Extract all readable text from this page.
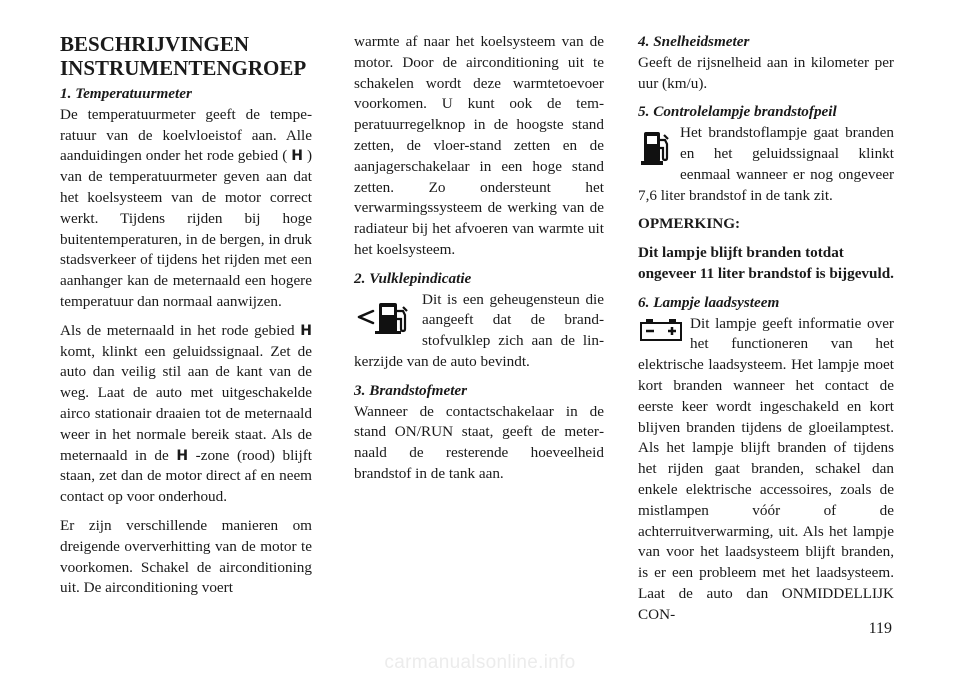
BESCHRIJVINGEN INSTRUMENTENGROEP
1. Temperatuurmeter

De temperatuurmeter geeft de temperatuur van de koelvloeistof aan. Alle aanduidingen onder het rode gebied ( H ) van de temperatuurmeter geven aan dat het koelsysteem van de motor correct werkt. Tijdens rijden bij hoge buitentemperaturen, in de bergen, in druk stadsverkeer of tijdens het rijden met een aanhanger kan de meternaald een hogere temperatuur dan normaal aanwijzen.

Als de meternaald in het rode gebied H komt, klinkt een geluidssignaal. Zet de auto dan veilig stil aan de kant van de weg. Laat de auto met uitgeschakelde airco stationair draaien tot de meternaald weer in het normale bereik staat. Als de meternaald in de H -zone (rood) blijft staan, zet dan de motor direct af en neem contact op voor onderhoud.

Er zijn verschillende manieren om dreigende oververhitting van de motor te voorkomen. Schakel de airconditioning uit. De airconditioning voert

warmte af naar het koelsysteem van de motor. Door de airconditioning uit te schakelen wordt deze warmtetoevoer voorkomen. U kunt ook de temperatuurregelknop in de hoogste stand zetten, de vloer-stand zetten en de aanjagerschakelaar in een hoge stand zetten. Zo ondersteunt het verwarmingssysteem de werking van de radiateur bij het afvoeren van warmte uit het koelsysteem.

2. Vulklepindicatie

Dit is een geheugensteun die aangeeft dat de brandstofvulklep zich aan de linkerzijde van de auto bevindt.

3. Brandstofmeter

Wanneer de contactschakelaar in de stand ON/RUN staat, geeft de meternaald de resterende hoeveelheid brandstof in de tank aan.

4. Snelheidsmeter

Geeft de rijsnelheid aan in kilometer per uur (km/u).

5. Controlelampje brandstofpeil

Het brandstoflampje gaat branden en het geluidssignaal klinkt eenmaal wanneer er nog ongeveer 7,6 liter brandstof in de tank zit.

OPMERKING:
Dit lampje blijft branden totdat ongeveer 11 liter brandstof is bijgevuld.
6. Lampje laadsysteem

Dit lampje geeft informatie over het functioneren van het elektrische laadsysteem. Het lampje moet kort branden wanneer het contact de eerste keer wordt ingeschakeld en kort blijven branden tijdens de gloeilamptest. Als het lampje blijft branden of tijdens het rijden gaat branden, schakel dan enkele elektrische accessoires, zoals de mistlampen vóór of de achterruitverwarming, uit. Als het lampje van voor het laadsysteem blijft branden, is er een probleem met het laadsysteem. Laat de auto dan ONMIDDELLIJK CON-

119
carmanualsonline.info
